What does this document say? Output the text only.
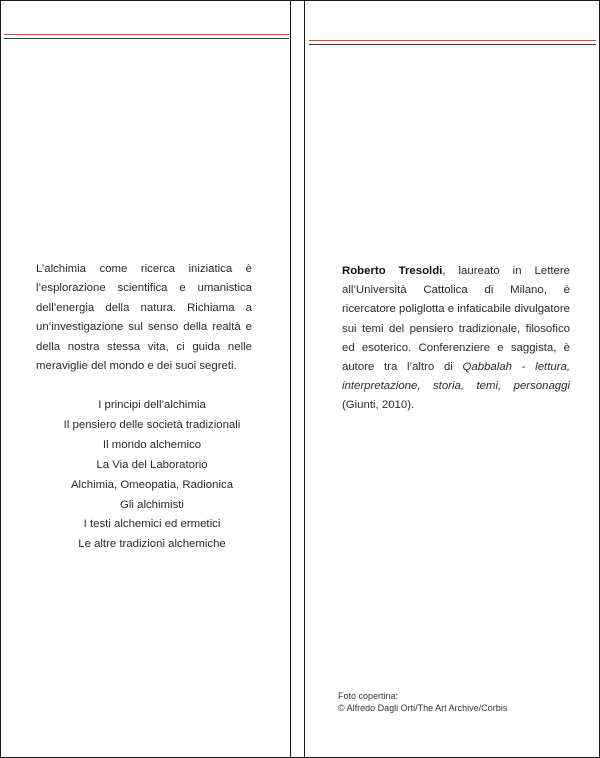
L’alchimia come ricerca iniziatica è l’esplorazione scientifica e umanistica dell’energia della natura. Richiama a un’investigazione sul senso della realtà e della nostra stessa vita, ci guida nelle meraviglie del mondo e dei suoi segreti.

I principi dell’alchimia
Il pensiero delle società tradizionali
Il mondo alchemico
La Via del Laboratorio
Alchimia, Omeopatia, Radionica
Gli alchimisti
I testi alchemici ed ermetici
Le altre tradizioni alchemiche

Roberto Tresoldi, laureato in Lettere all’Università Cattolica di Milano, è ricercatore poliglotta e infaticabile divulgatore sui temi del pensiero tradizionale, filosofico ed esoterico. Conferenziere e saggista, è autore tra l’altro di Qabbalah - lettura, interpretazione, storia, temi, personaggi (Giunti, 2010).

Foto copertina:
© Alfredo Dagli Orti/The Art Archive/Corbis
